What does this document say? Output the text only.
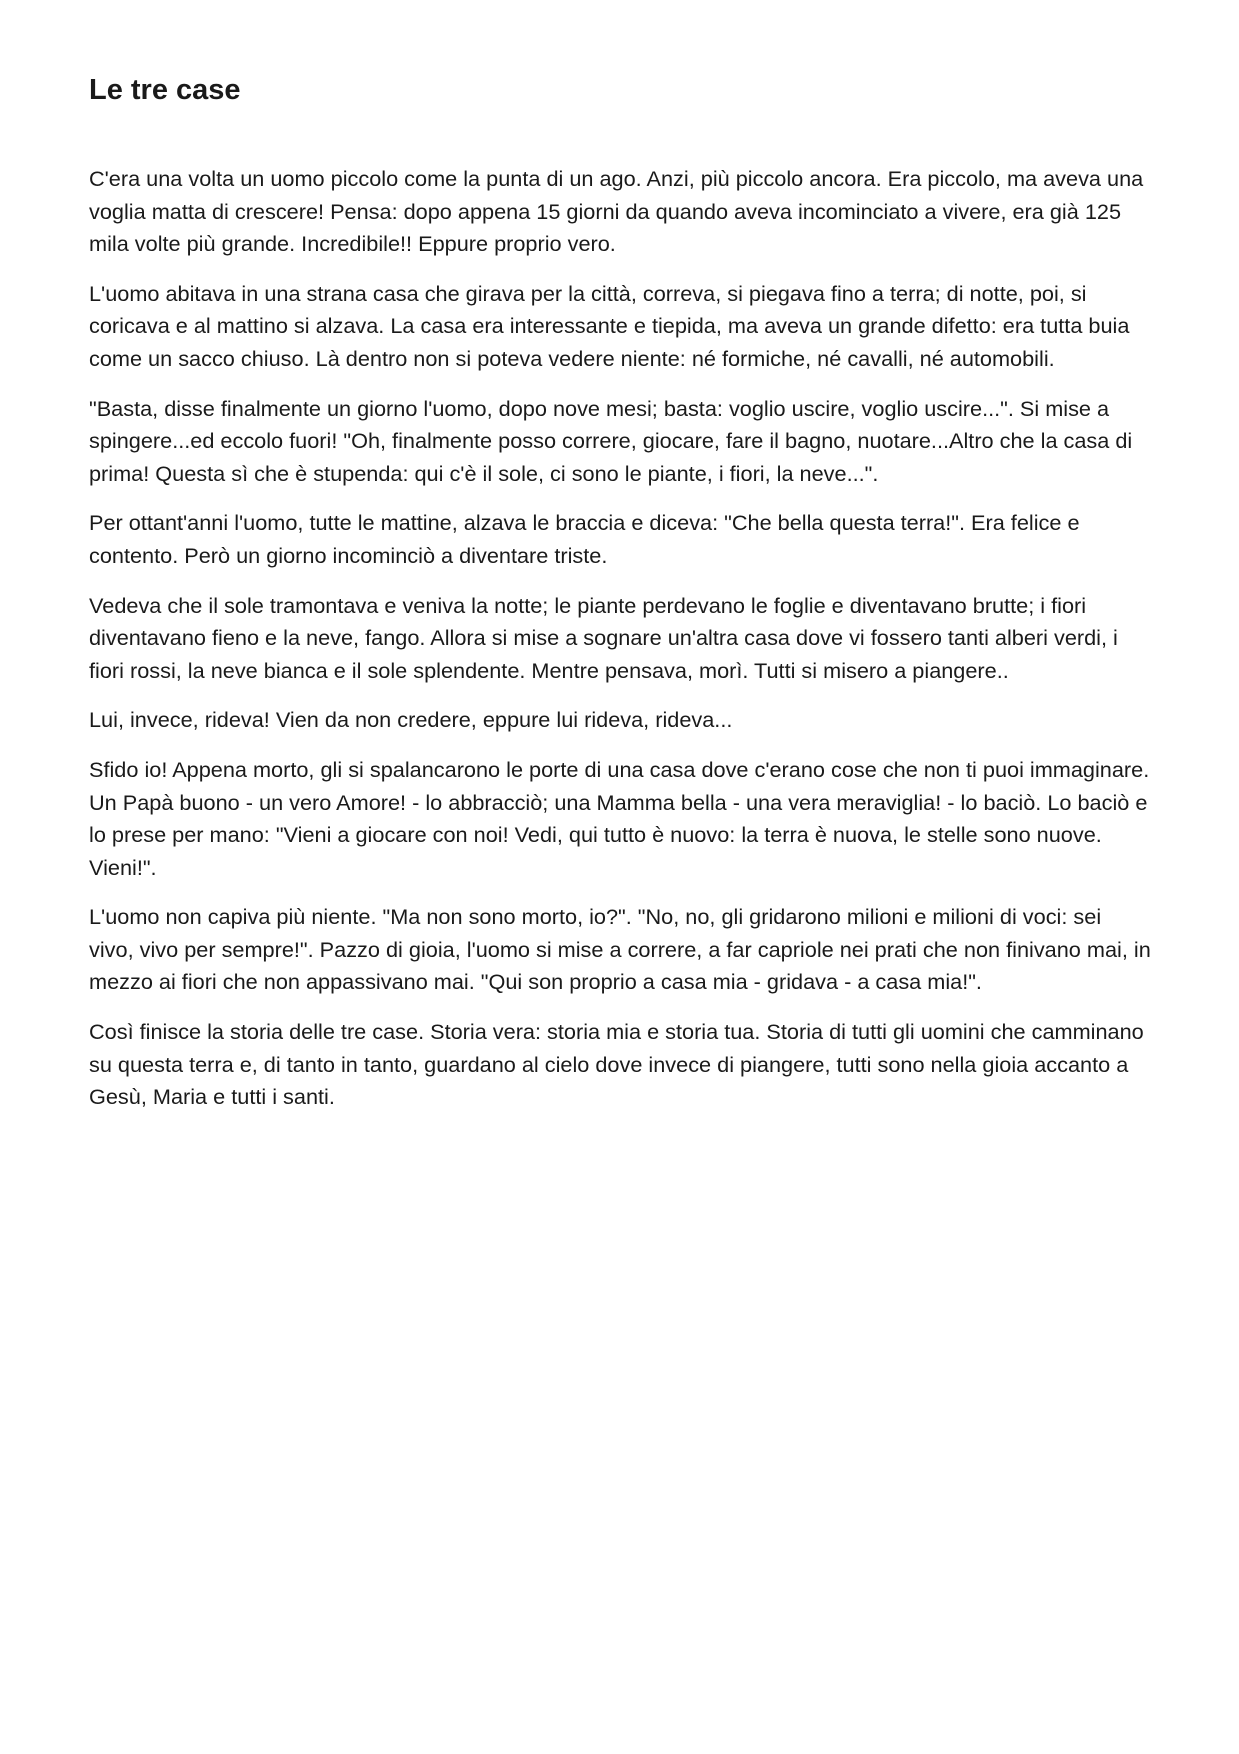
Le tre case

C'era una volta un uomo piccolo come la punta di un ago. Anzi, più piccolo ancora. Era piccolo, ma aveva una voglia matta di crescere! Pensa: dopo appena 15 giorni da quando aveva incominciato a vivere, era già 125 mila volte più grande. Incredibile!! Eppure proprio vero.

L'uomo abitava in una strana casa che girava per la città, correva, si piegava fino a terra; di notte, poi, si coricava e al mattino si alzava. La casa era interessante e tiepida, ma aveva un grande difetto: era tutta buia come un sacco chiuso. Là dentro non si poteva vedere niente: né formiche, né cavalli, né automobili.

"Basta, disse finalmente un giorno l'uomo, dopo nove mesi; basta: voglio uscire, voglio uscire...". Si mise a spingere...ed eccolo fuori! "Oh, finalmente posso correre, giocare, fare il bagno, nuotare...Altro che la casa di prima! Questa sì che è stupenda: qui c'è il sole, ci sono le piante, i fiori, la neve...".

Per ottant'anni l'uomo, tutte le mattine, alzava le braccia e diceva: "Che bella questa terra!". Era felice e contento. Però un giorno incominciò a diventare triste.

Vedeva che il sole tramontava e veniva la notte; le piante perdevano le foglie e diventavano brutte; i fiori diventavano fieno e la neve, fango. Allora si mise a sognare un'altra casa dove vi fossero tanti alberi verdi, i fiori rossi, la neve bianca e il sole splendente. Mentre pensava, morì. Tutti si misero a piangere..

Lui, invece, rideva! Vien da non credere, eppure lui rideva, rideva...

Sfido io! Appena morto, gli si spalancarono le porte di una casa dove c'erano cose che non ti puoi immaginare. Un Papà buono - un vero Amore! - lo abbracciò; una Mamma bella - una vera meraviglia! - lo baciò. Lo baciò e lo prese per mano: "Vieni a giocare con noi! Vedi, qui tutto è nuovo: la terra è nuova, le stelle sono nuove. Vieni!".

L'uomo non capiva più niente. "Ma non sono morto, io?". "No, no, gli gridarono milioni e milioni di voci: sei vivo, vivo per sempre!". Pazzo di gioia, l'uomo si mise a correre, a far capriole nei prati che non finivano mai, in mezzo ai fiori che non appassivano mai. "Qui son proprio a casa mia - gridava - a casa mia!".

Così finisce la storia delle tre case. Storia vera: storia mia e storia tua. Storia di tutti gli uomini che camminano su questa terra e, di tanto in tanto, guardano al cielo dove invece di piangere, tutti sono nella gioia accanto a Gesù, Maria e tutti i santi.
